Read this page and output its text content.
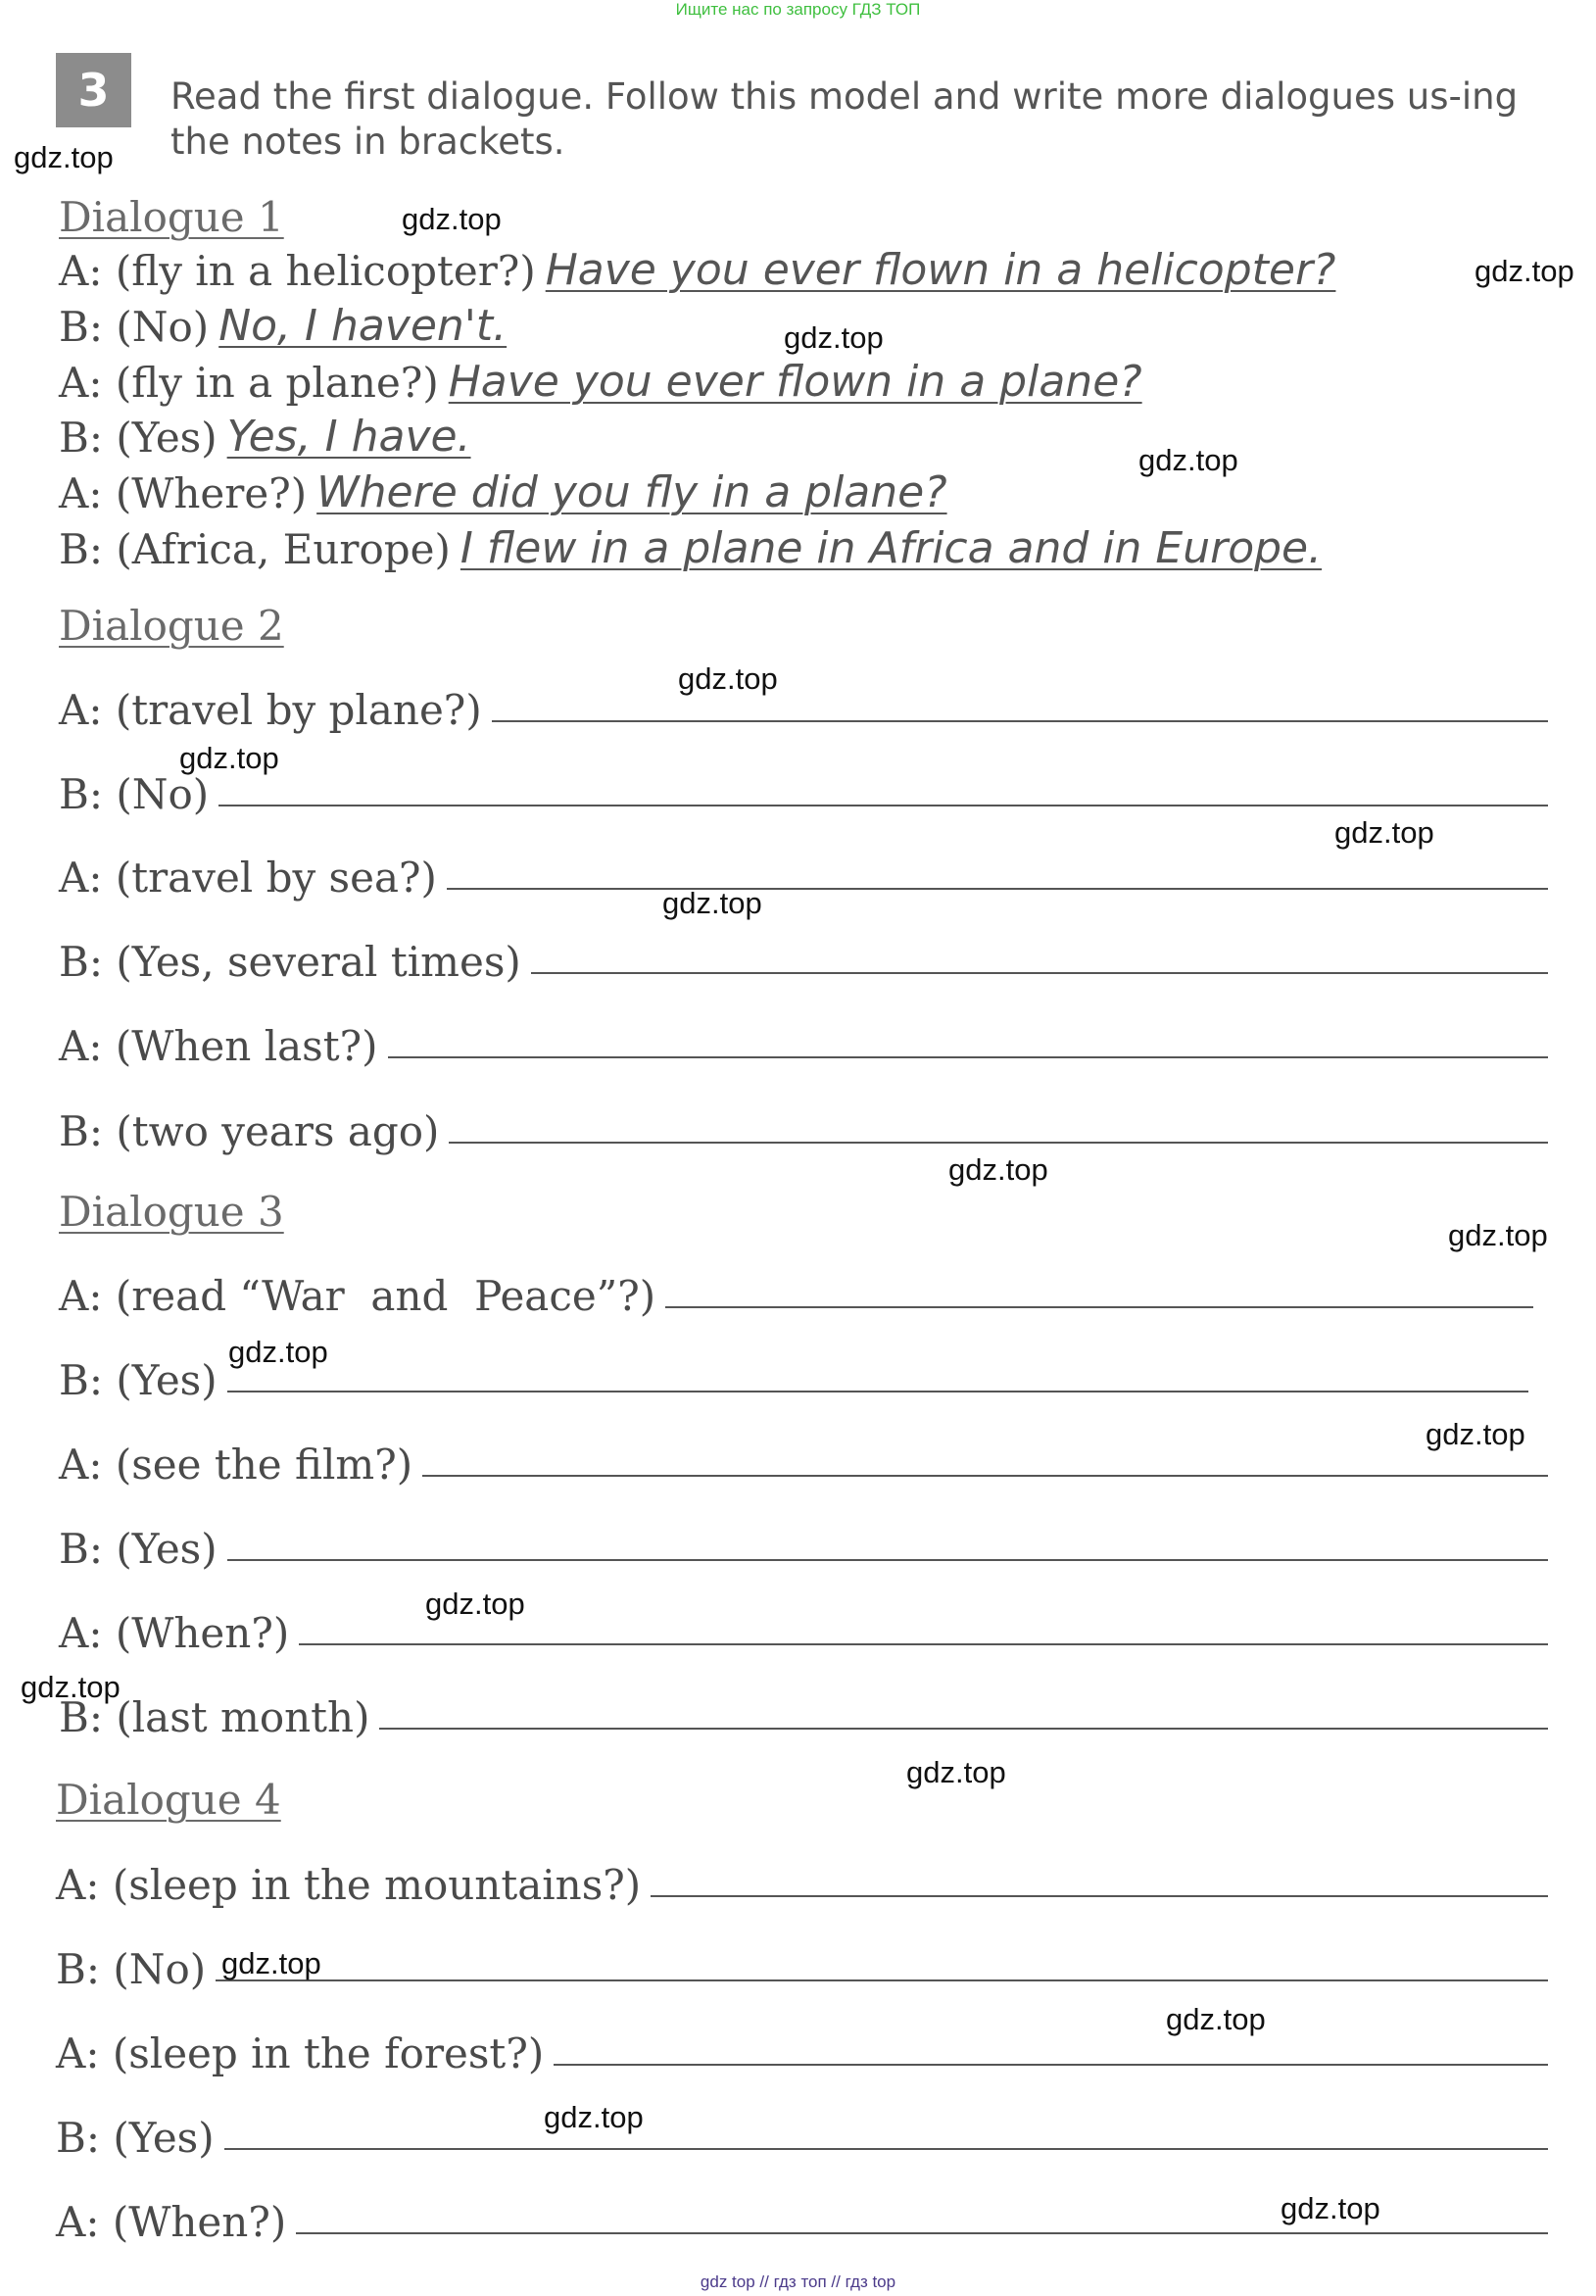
Ищите нас по запросу ГДЗ ТОП
3	Read the first dialogue. Follow this model and write more dialogues us-ing the notes in brackets.
Dialogue 1
A: (fly in a helicopter?) Have you ever flown in a helicopter?
B: (No) No, I haven't.
A: (fly in a plane?) Have you ever flown in a plane?
B: (Yes) Yes, I have.
A: (Where?) Where did you fly in a plane?
B: (Africa, Europe) I flew in a plane in Africa and in Europe.
Dialogue 2
A: (travel by plane?)
B: (No)
A: (travel by sea?)
B: (Yes, several times)
A: (When last?)
B: (two years ago)
Dialogue 3
A: (read “War  and  Peace”?)
B: (Yes)
A: (see the film?)
B: (Yes)
A: (When?)
B: (last month)
Dialogue 4
A: (sleep in the mountains?)
B: (No)
A: (sleep in the forest?)
B: (Yes)
A: (When?)
gdz.top
gdz.top
gdz.top
gdz.top
gdz.top
gdz.top
gdz.top
gdz.top
gdz.top
gdz.top
gdz.top
gdz.top
gdz.top
gdz.top
gdz.top
gdz.top
gdz.top
gdz.top
gdz.top
gdz.top
gdz top // гдз топ // гдз top
